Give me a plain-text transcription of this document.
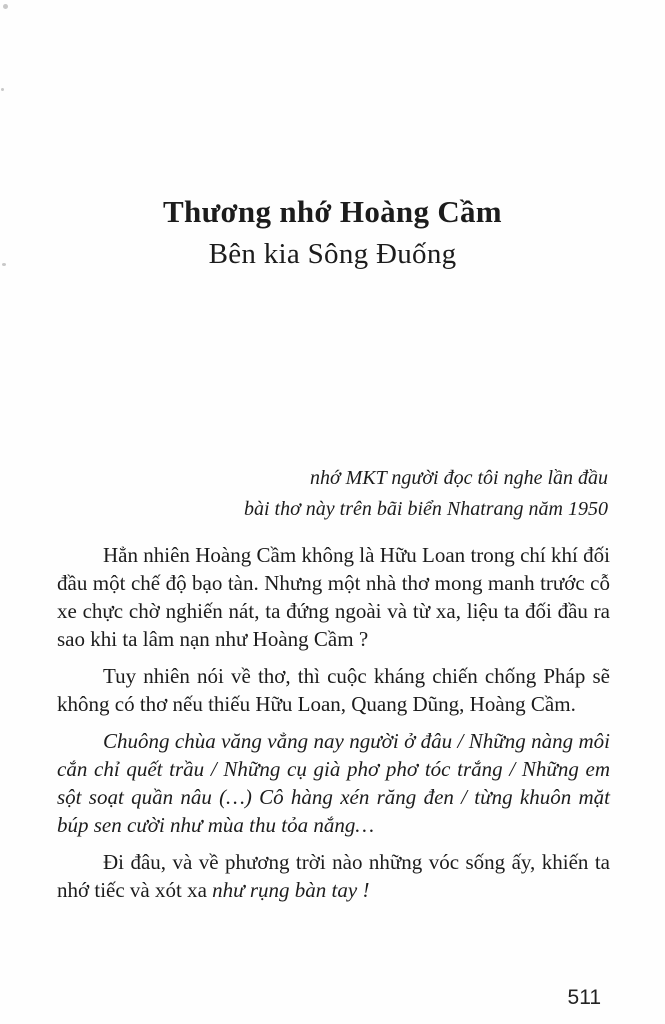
Thương nhớ Hoàng Cầm
Bên kia Sông Đuống
nhớ MKT người đọc tôi nghe lần đầu
bài thơ này trên bãi biển Nhatrang năm 1950

Hẳn nhiên Hoàng Cầm không là Hữu Loan trong chí khí đối đầu một chế độ bạo tàn. Nhưng một nhà thơ mong manh trước cỗ xe chực chờ nghiến nát, ta đứng ngoài và từ xa, liệu ta đối đầu ra sao khi ta lâm nạn như Hoàng Cầm ?

Tuy nhiên nói về thơ, thì cuộc kháng chiến chống Pháp sẽ không có thơ nếu thiếu Hữu Loan, Quang Dũng, Hoàng Cầm.

Chuông chùa văng vẳng nay người ở đâu / Những nàng môi cắn chỉ quết trầu / Những cụ già phơ phơ tóc trắng / Những em sột soạt quần nâu (…) Cô hàng xén răng đen / từng khuôn mặt búp sen cười như mùa thu tỏa nắng…

Đi đâu, và về phương trời nào những vóc sống ấy, khiến ta nhớ tiếc và xót xa như rụng bàn tay !

511
